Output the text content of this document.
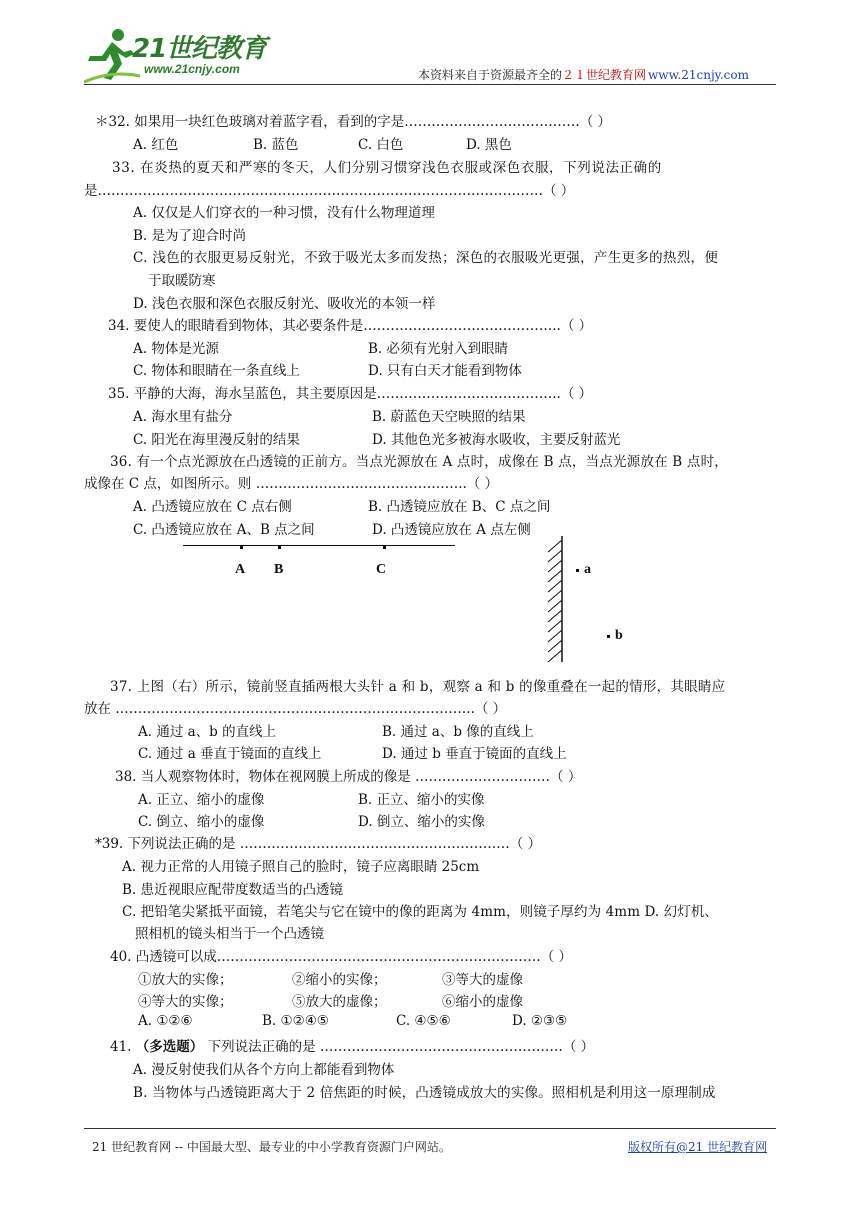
21世纪教育
www.21cnjy.com	本资料来自于资源最齐全的２１世纪教育网 www.21cnjy.com
＊32. 如果用一块红色玻璃对着蓝字看，看到的字是…………………………………（ ）
A. 红色	B. 蓝色	C. 白色	D. 黑色
33. 在炎热的夏天和严寒的冬天，人们分别习惯穿浅色衣服或深色衣服，下列说法正确的
是………………………………………………………………………………………（ ）
A. 仅仅是人们穿衣的一种习惯，没有什么物理道理
B. 是为了迎合时尚
C. 浅色的衣服更易反射光，不致于吸光太多而发热；深色的衣服吸光更强，产生更多的热烈，便
于取暖防寒
D. 浅色衣服和深色衣服反射光、吸收光的本领一样
34. 要使人的眼睛看到物体，其必要条件是……………………………………..（ ）
A. 物体是光源	B. 必须有光射入到眼睛
C. 物体和眼睛在一条直线上	D. 只有白天才能看到物体
35. 平静的大海，海水呈蓝色，其主要原因是…………………………………..（ ）
A. 海水里有盐分	B. 蔚蓝色天空映照的结果
C. 阳光在海里漫反射的结果	D. 其他色光多被海水吸收，主要反射蓝光
36. 有一个点光源放在凸透镜的正前方。当点光源放在 A 点时，成像在 B 点，当点光源放在 B 点时，
成像在 C 点，如图所示。则 ………………………………………..（ ）
A. 凸透镜应放在 C 点右侧	B. 凸透镜应放在 B、C 点之间
C. 凸透镜应放在 A、B 点之间	D. 凸透镜应放在 A 点左侧
A B	C	a
b
37. 上图（右）所示，镜前竖直插两根大头针 a 和 b，观察 a 和 b 的像重叠在一起的情形，其眼睛应
放在 ……………………………………………………………………..（ ）
A. 通过 a、b 的直线上	B. 通过 a、b 像的直线上
C. 通过 a 垂直于镜面的直线上	D. 通过 b 垂直于镜面的直线上
38. 当人观察物体时，物体在视网膜上所成的像是 …………………………（ ）
A. 正立、缩小的虚像	B. 正立、缩小的实像
C. 倒立、缩小的虚像	D. 倒立、缩小的实像
*39. 下列说法正确的是 ……………………………………………………（ ）
A. 视力正常的人用镜子照自己的脸时，镜子应离眼睛 25cm
B. 患近视眼应配带度数适当的凸透镜
C. 把铅笔尖紧抵平面镜，若笔尖与它在镜中的像的距离为 4mm，则镜子厚约为 4mm D. 幻灯机、
照相机的镜头相当于一个凸透镜
40. 凸透镜可以成………………………………………………………………（ ）
①放大的实像；	②缩小的实像；	③等大的虚像
④等大的实像；	⑤放大的虚像；	⑥缩小的虚像
A. ①②⑥	B. ①②④⑤	C. ④⑤⑥	D. ②③⑤
41. （多选题） 下列说法正确的是 ………………………………………………（ ）
A. 漫反射使我们从各个方向上都能看到物体
B. 当物体与凸透镜距离大于 2 倍焦距的时候，凸透镜成放大的实像。照相机是利用这一原理制成
21 世纪教育网 -- 中国最大型、最专业的中小学教育资源门户网站。	版权所有@21 世纪教育网
